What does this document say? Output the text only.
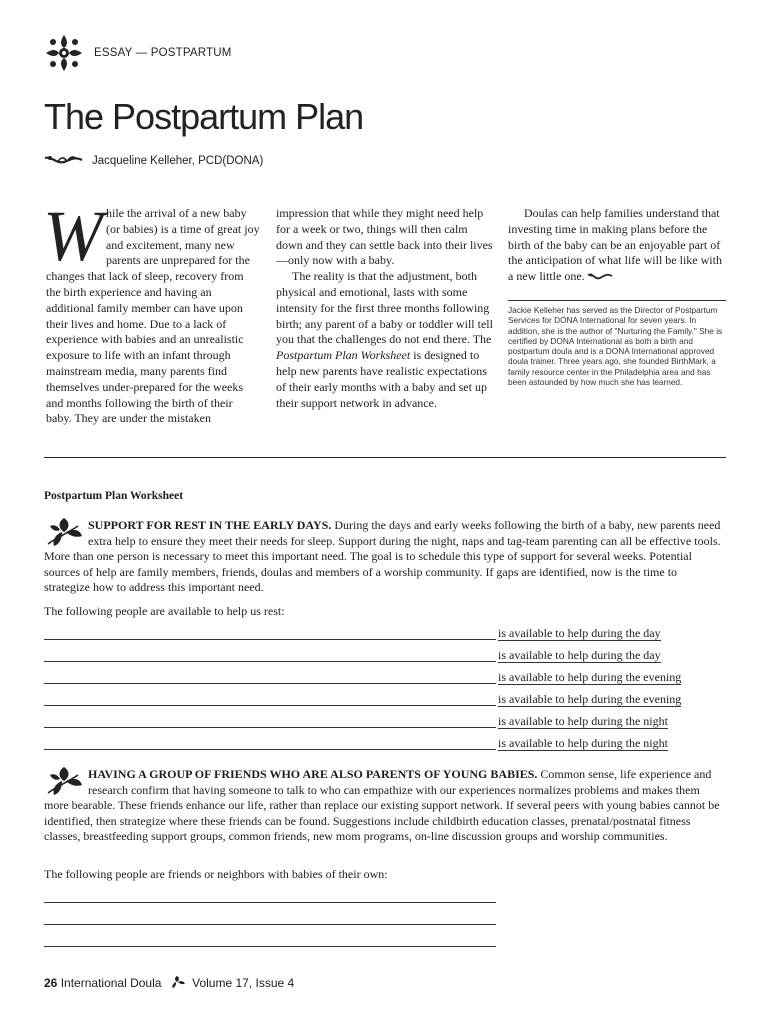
ESSAY — POSTPARTUM
The Postpartum Plan
Jacqueline Kelleher, PCD(DONA)

While the arrival of a new baby (or babies) is a time of great joy and excitement, many new parents are unprepared for the changes that lack of sleep, recovery from the birth experience and having an additional family member can have upon their lives and home. Due to a lack of experience with babies and an unrealistic exposure to life with an infant through mainstream media, many parents find themselves under-prepared for the weeks and months following the birth of their baby. They are under the mistaken

impression that while they might need help for a week or two, things will then calm down and they can settle back into their lives—only now with a baby.

The reality is that the adjustment, both physical and emotional, lasts with some intensity for the first three months following birth; any parent of a baby or toddler will tell you that the challenges do not end there. The Postpartum Plan Worksheet is designed to help new parents have realistic expectations of their early months with a baby and set up their support network in advance.

Doulas can help families understand that investing time in making plans before the birth of the baby can be an enjoyable part of the anticipation of what life will be like with a new little one.

Jackie Kelleher has served as the Director of Postpartum Services for DONA International for seven years. In addition, she is the author of "Nurturing the Family." She is certified by DONA International as both a birth and postpartum doula and is a DONA International approved doula trainer. Three years ago, she founded BirthMark, a family resource center in the Philadelphia area and has been astounded by how much she has learned.
Postpartum Plan Worksheet
SUPPORT FOR REST IN THE EARLY DAYS. During the days and early weeks following the birth of a baby, new parents need extra help to ensure they meet their needs for sleep. Support during the night, naps and tag-team parenting can all be effective tools. More than one person is necessary to meet this important need. The goal is to schedule this type of support for several weeks. Potential sources of help are family members, friends, doulas and members of a worship community. If gaps are identified, now is the time to strategize how to address this important need.
The following people are available to help us rest:
is available to help during the day
is available to help during the day
is available to help during the evening
is available to help during the evening
is available to help during the night
is available to help during the night
HAVING A GROUP OF FRIENDS WHO ARE ALSO PARENTS OF YOUNG BABIES. Common sense, life experience and research confirm that having someone to talk to who can empathize with our experiences normalizes problems and makes them more bearable. These friends enhance our life, rather than replace our existing support network. If several peers with young babies cannot be identified, then strategize where these friends can be found. Suggestions include childbirth education classes, prenatal/postnatal fitness classes, breastfeeding support groups, common friends, new mom programs, on-line discussion groups and worship communities.
The following people are friends or neighbors with babies of their own:
26 International Doula	Volume 17, Issue 4
